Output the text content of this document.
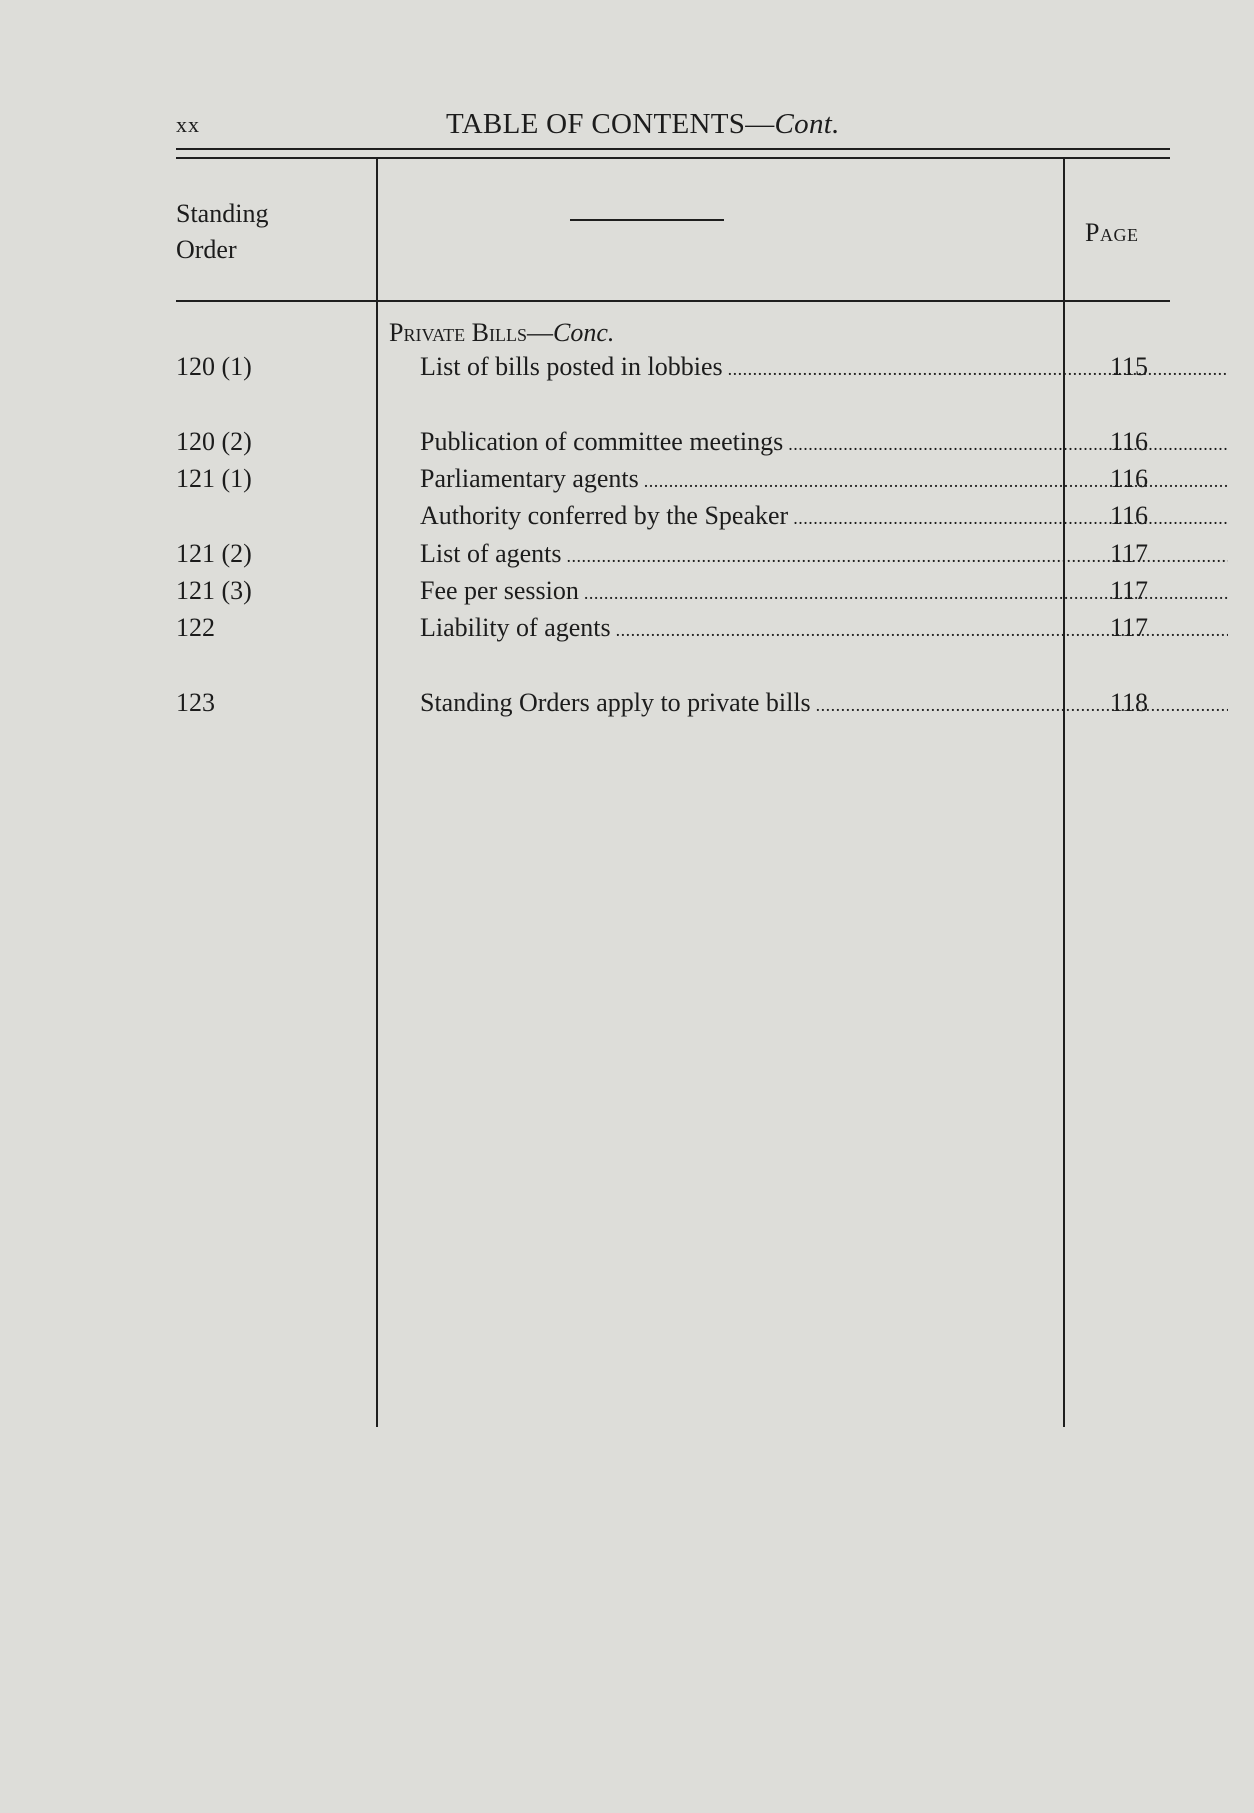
xx	TABLE OF CONTENTS—Cont.
Standing
Order
Page
Private Bills—Conc.
120 (1)	List of bills posted in lobbies .....	115
120 (2)	Publication of committee meetings .....	116
121 (1)	Parliamentary agents .....	116
Authority conferred by the Speaker .....	116
121 (2)	List of agents .....	117
121 (3)	Fee per session .....	117
122	Liability of agents .....	117
123	Standing Orders apply to private bills .....	118
